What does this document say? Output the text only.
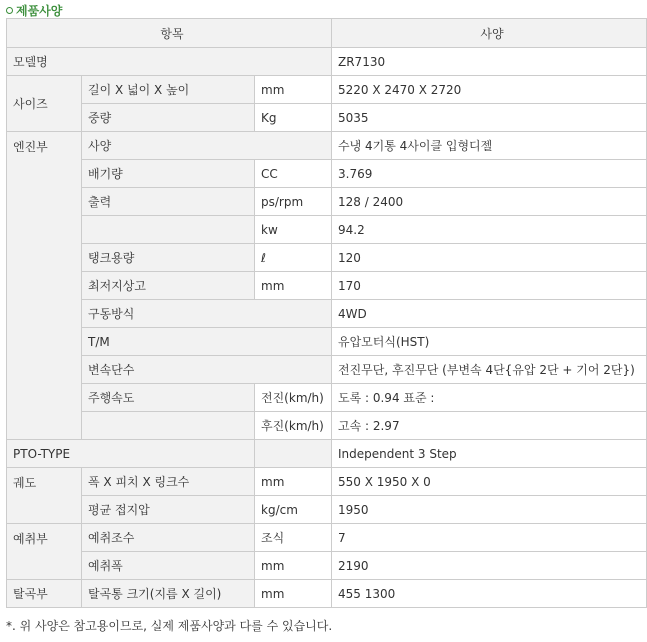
제품사양
항목			사양
모델명			ZR7130
사이즈	길이 X 넓이 X 높이	mm	5220 X 2470 X 2720
	중량	Kg	5035
엔진부	사양		수냉 4기통 4사이클 입형디젤
	배기량	CC	3.769
	출력	ps/rpm	128 / 2400
		kw	94.2
	탱크용량	ℓ	120
	최저지상고	mm	170
	구동방식		4WD
	T/M		유압모터식(HST)
	변속단수		전진무단, 후진무단 (부변속 4단{유압 2단 + 기어 2단})
	주행속도	전진(km/h)	도록 : 0.94 표준 :
		후진(km/h)	고속 : 2.97
PTO-TYPE			Independent 3 Step
궤도	폭 X 피치 X 링크수	mm	550 X 1950 X 0
	평균 접지압	kg/cm	1950
예취부	예취조수	조식	7
	예취폭	mm	2190
탈곡부	탈곡통 크기(지름 X 길이)	mm	455 1300
*. 위 사양은 참고용이므로, 실제 제품사양과 다를 수 있습니다.
